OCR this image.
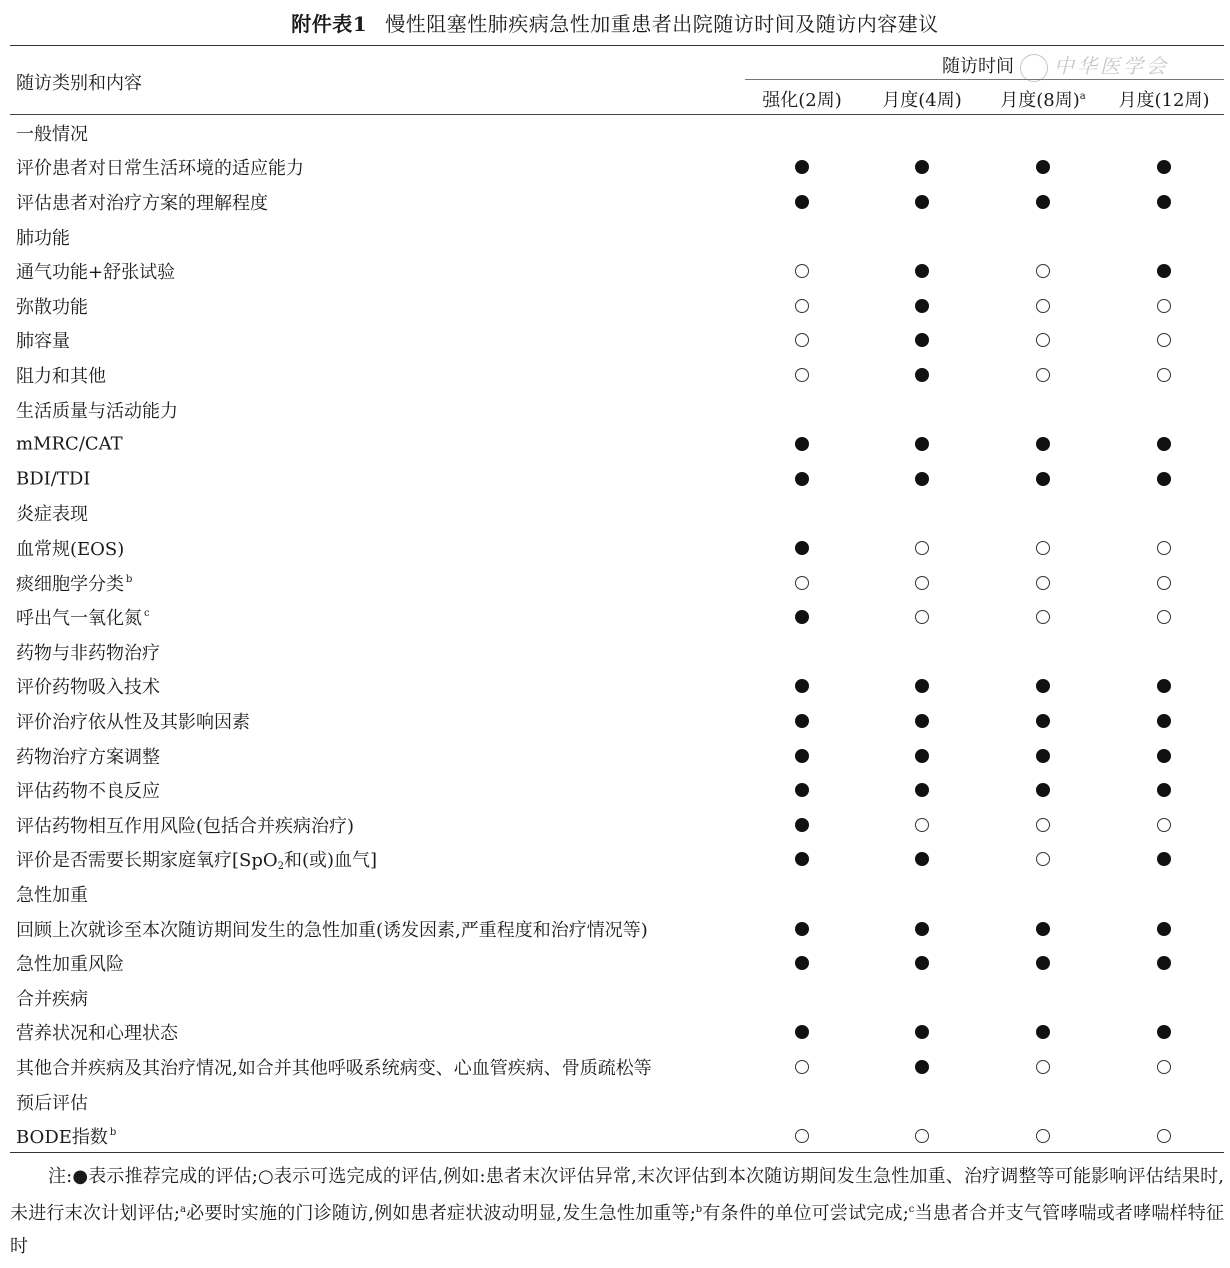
附件表1 慢性阻塞性肺疾病急性加重患者出院随访时间及随访内容建议
随访类别和内容
随访时间	中华医学会
强化(2周) 月度(4周) 月度(8周)$^a$ 月度(12周)
一般情况
评价患者对日常生活环境的适应能力
评估患者对治疗方案的理解程度
肺功能
通气功能+舒张试验
弥散功能
肺容量
阻力和其他
生活质量与活动能力
mMRC/CAT
BDI/TDI
炎症表现
血常规(EOS)
痰细胞学分类 $^b$
呼出气一氧化氮 $^c$
药物与非药物治疗
评价药物吸入技术
评价治疗依从性及其影响因素
药物治疗方案调整
评估药物不良反应
评估药物相互作用风险(包括合并疾病治疗)
评价是否需要长期家庭氧疗[SpO$_2$和(或)血气]
急性加重
回顾上次就诊至本次随访期间发生的急性加重(诱发因素,严重程度和治疗情况等)
急性加重风险
合并疾病
营养状况和心理状态
其他合并疾病及其治疗情况,如合并其他呼吸系统病变、心血管疾病、骨质疏松等
预后评估
BODE指数 $^b$
注:●表示推荐完成的评估;○表示可选完成的评估,例如:患者末次评估异常,末次评估到本次随访期间发生急性加重、治疗调整等可能影响评估结果时,未进行末次计划评估;$^a$必要时实施的门诊随访,例如患者症状波动明显,发生急性加重等;$^b$有条件的单位可尝试完成;$^c$当患者合并支气管哮喘或者哮喘样特征时
